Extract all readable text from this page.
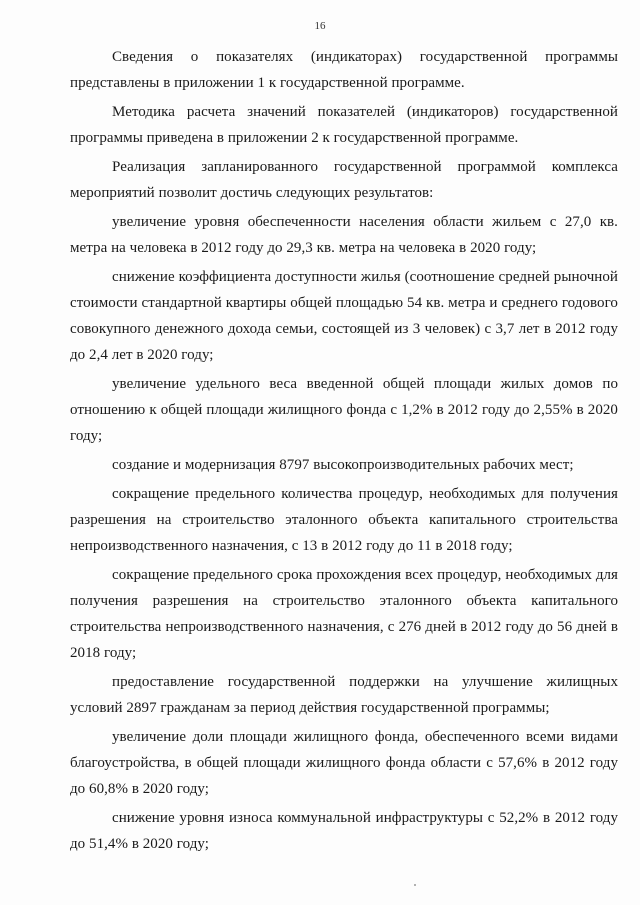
16

Сведения о показателях (индикаторах) государственной программы представлены в приложении 1 к государственной программе.

Методика расчета значений показателей (индикаторов) государственной программы приведена в приложении 2 к государственной программе.

Реализация запланированного государственной программой комплекса мероприятий позволит достичь следующих результатов:

увеличение уровня обеспеченности населения области жильем с 27,0 кв. метра на человека в 2012 году до 29,3 кв. метра на человека в 2020 году;

снижение коэффициента доступности жилья (соотношение средней рыночной стоимости стандартной квартиры общей площадью 54 кв. метра и среднего годового совокупного денежного дохода семьи, состоящей из 3 человек) с 3,7 лет в 2012 году до 2,4 лет в 2020 году;

увеличение удельного веса введенной общей площади жилых домов по отношению к общей площади жилищного фонда с 1,2% в 2012 году до 2,55% в 2020 году;

создание и модернизация 8797 высокопроизводительных рабочих мест;

сокращение предельного количества процедур, необходимых для получения разрешения на строительство эталонного объекта капитального строительства непроизводственного назначения, с 13 в 2012 году до 11 в 2018 году;

сокращение предельного срока прохождения всех процедур, необходимых для получения разрешения на строительство эталонного объекта капитального строительства непроизводственного назначения, с 276 дней в 2012 году до 56 дней в 2018 году;

предоставление государственной поддержки на улучшение жилищных условий 2897 гражданам за период действия государственной программы;

увеличение доли площади жилищного фонда, обеспеченного всеми видами благоустройства, в общей площади жилищного фонда области с 57,6% в 2012 году до 60,8% в 2020 году;

снижение уровня износа коммунальной инфраструктуры с 52,2% в 2012 году до 51,4% в 2020 году;
